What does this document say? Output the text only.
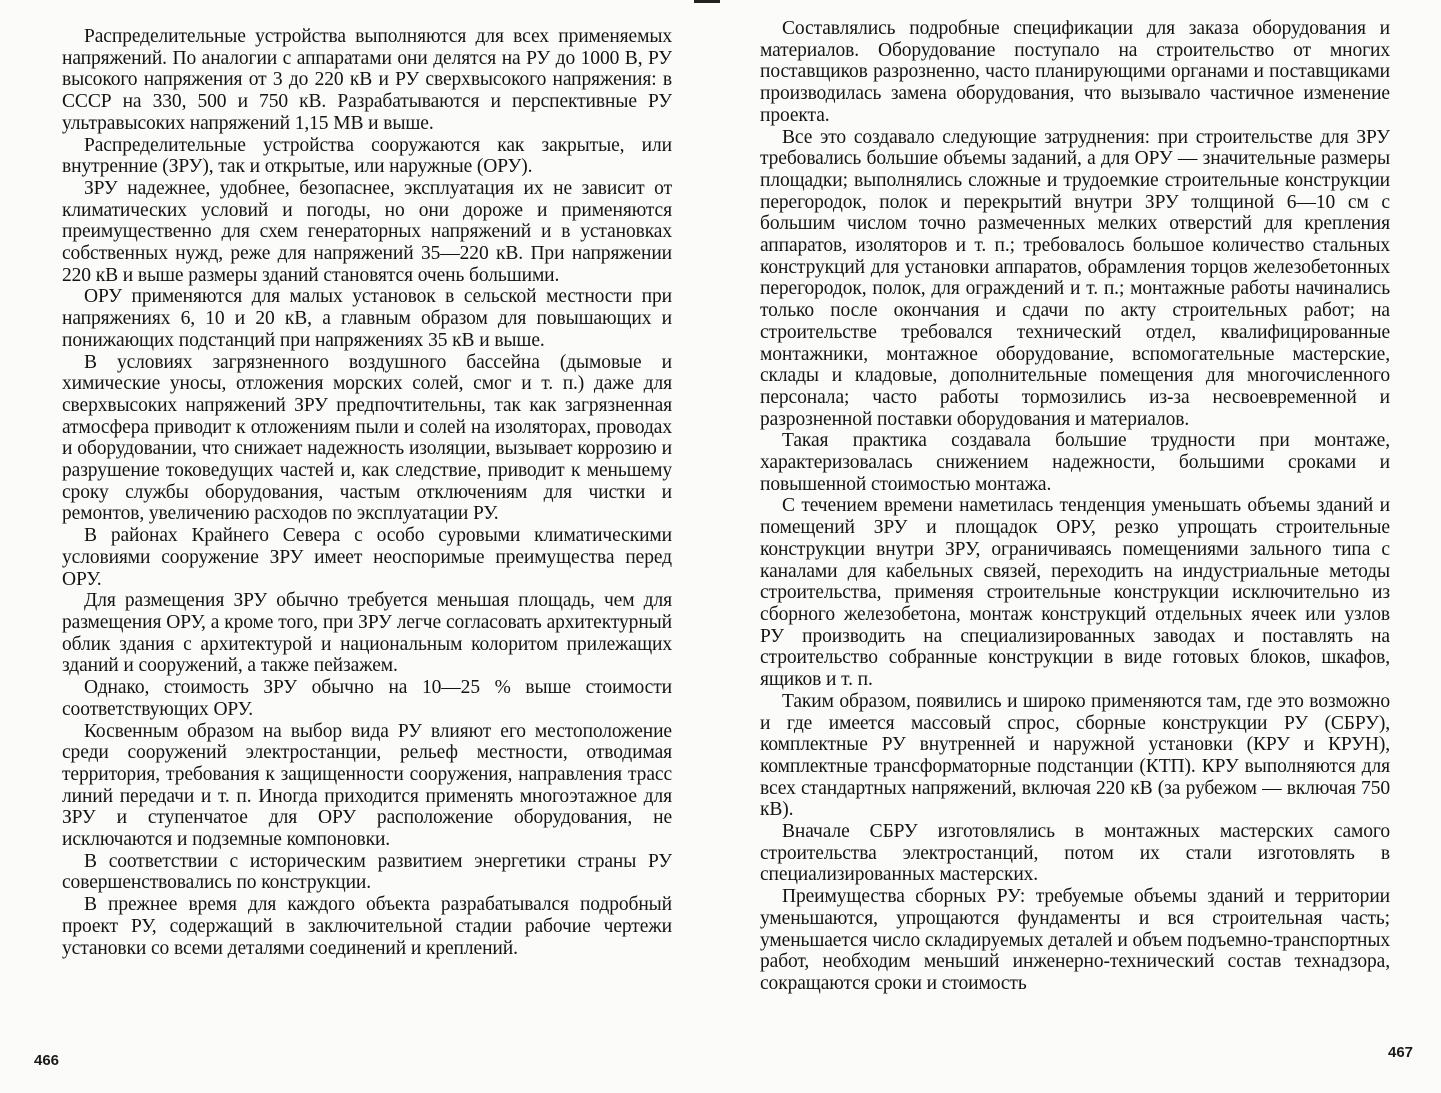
Распределительные устройства выполняются для всех применяемых напряжений. По аналогии с аппаратами они делятся на РУ до 1000 В, РУ высокого напряжения от 3 до 220 кВ и РУ сверхвысокого напряжения: в СССР на 330, 500 и 750 кВ. Разрабатываются и перспективные РУ ультравысоких напряжений 1,15 МВ и выше.

Распределительные устройства сооружаются как закрытые, или внутренние (ЗРУ), так и открытые, или наружные (ОРУ).

ЗРУ надежнее, удобнее, безопаснее, эксплуатация их не зависит от климатических условий и погоды, но они дороже и применяются преимущественно для схем генераторных напряжений и в установках собственных нужд, реже для напряжений 35—220 кВ. При напряжении 220 кВ и выше размеры зданий становятся очень большими.

ОРУ применяются для малых установок в сельской местности при напряжениях 6, 10 и 20 кВ, а главным образом для повышающих и понижающих подстанций при напряжениях 35 кВ и выше.

В условиях загрязненного воздушного бассейна (дымовые и химические уносы, отложения морских солей, смог и т. п.) даже для сверхвысоких напряжений ЗРУ предпочтительны, так как загрязненная атмосфера приводит к отложениям пыли и солей на изоляторах, проводах и оборудовании, что снижает надежность изоляции, вызывает коррозию и разрушение токоведущих частей и, как следствие, приводит к меньшему сроку службы оборудования, частым отключениям для чистки и ремонтов, увеличению расходов по эксплуатации РУ.

В районах Крайнего Севера с особо суровыми климатическими условиями сооружение ЗРУ имеет неоспоримые преимущества перед ОРУ.

Для размещения ЗРУ обычно требуется меньшая площадь, чем для размещения ОРУ, а кроме того, при ЗРУ легче согласовать архитектурный облик здания с архитектурой и национальным колоритом прилежащих зданий и сооружений, а также пейзажем.

Однако, стоимость ЗРУ обычно на 10—25 % выше стоимости соответствующих ОРУ.

Косвенным образом на выбор вида РУ влияют его местоположение среди сооружений электростанции, рельеф местности, отводимая территория, требования к защищенности сооружения, направления трасс линий передачи и т. п. Иногда приходится применять многоэтажное для ЗРУ и ступенчатое для ОРУ расположение оборудования, не исключаются и подземные компоновки.

В соответствии с историческим развитием энергетики страны РУ совершенствовались по конструкции.

В прежнее время для каждого объекта разрабатывался подробный проект РУ, содержащий в заключительной стадии рабочие чертежи установки со всеми деталями соединений и креплений.

466

Составлялись подробные спецификации для заказа оборудования и материалов. Оборудование поступало на строительство от многих поставщиков разрозненно, часто планирующими органами и поставщиками производилась замена оборудования, что вызывало частичное изменение проекта.

Все это создавало следующие затруднения: при строительстве для ЗРУ требовались большие объемы заданий, а для ОРУ — значительные размеры площадки; выполнялись сложные и трудоемкие строительные конструкции перегородок, полок и перекрытий внутри ЗРУ толщиной 6—10 см с большим числом точно размеченных мелких отверстий для крепления аппаратов, изоляторов и т. п.; требовалось большое количество стальных конструкций для установки аппаратов, обрамления торцов железобетонных перегородок, полок, для ограждений и т. п.; монтажные работы начинались только после окончания и сдачи по акту строительных работ; на строительстве требовался технический отдел, квалифицированные монтажники, монтажное оборудование, вспомогательные мастерские, склады и кладовые, дополнительные помещения для многочисленного персонала; часто работы тормозились из-за несвоевременной и разрозненной поставки оборудования и материалов.

Такая практика создавала большие трудности при монтаже, характеризовалась снижением надежности, большими сроками и повышенной стоимостью монтажа.

С течением времени наметилась тенденция уменьшать объемы зданий и помещений ЗРУ и площадок ОРУ, резко упрощать строительные конструкции внутри ЗРУ, ограничиваясь помещениями зального типа с каналами для кабельных связей, переходить на индустриальные методы строительства, применяя строительные конструкции исключительно из сборного железобетона, монтаж конструкций отдельных ячеек или узлов РУ производить на специализированных заводах и поставлять на строительство собранные конструкции в виде готовых блоков, шкафов, ящиков и т. п.

Таким образом, появились и широко применяются там, где это возможно и где имеется массовый спрос, сборные конструкции РУ (СБРУ), комплектные РУ внутренней и наружной установки (КРУ и КРУН), комплектные трансформаторные подстанции (КТП). КРУ выполняются для всех стандартных напряжений, включая 220 кВ (за рубежом — включая 750 кВ).

Вначале СБРУ изготовлялись в монтажных мастерских самого строительства электростанций, потом их стали изготовлять в специализированных мастерских.

Преимущества сборных РУ: требуемые объемы зданий и территории уменьшаются, упрощаются фундаменты и вся строительная часть; уменьшается число складируемых деталей и объем подъемно-транспортных работ, необходим меньший инженерно-технический состав технадзора, сокращаются сроки и стоимость

467
